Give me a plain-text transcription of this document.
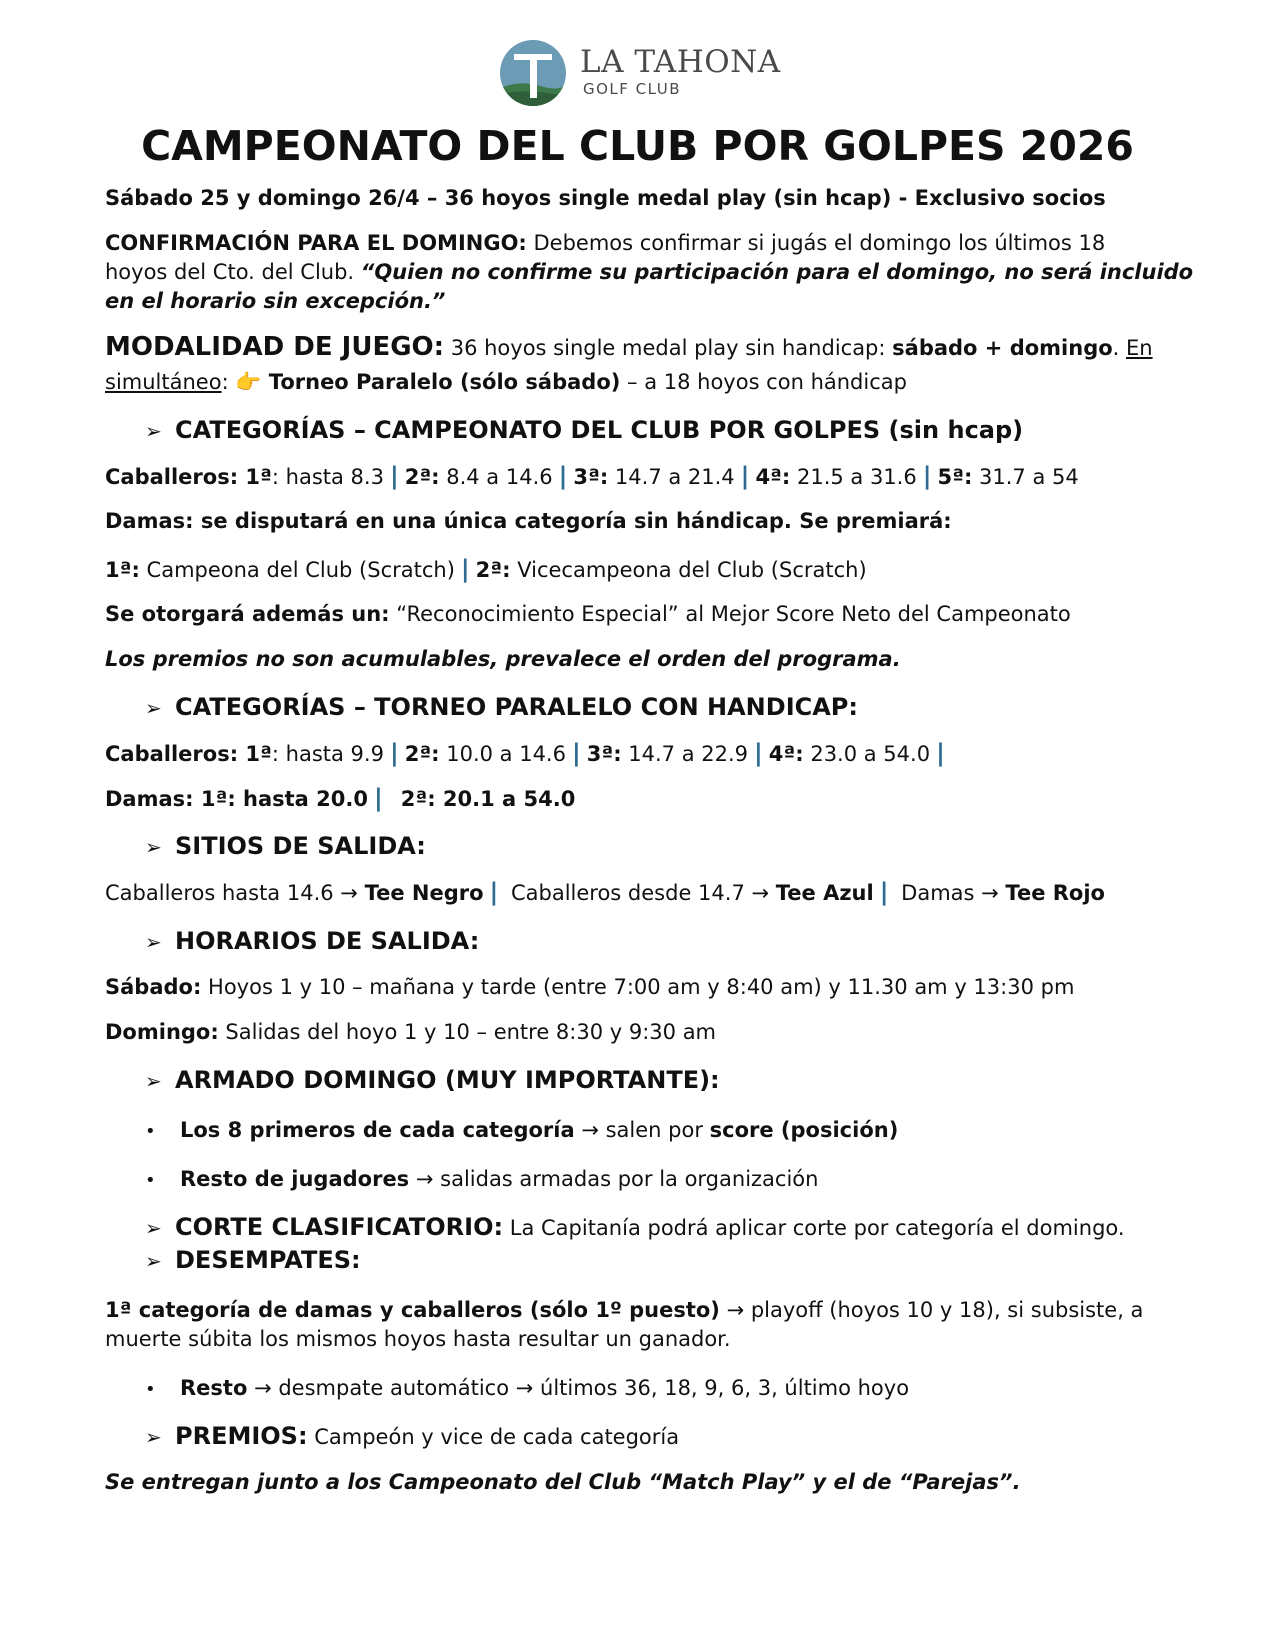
LA TAHONA
GOLF CLUB
CAMPEONATO DEL CLUB POR GOLPES 2026
Sábado 25 y domingo 26/4 – 36 hoyos single medal play (sin hcap) - Exclusivo socios
CONFIRMACIÓN PARA EL DOMINGO: Debemos confirmar si jugás el domingo los últimos 18
hoyos del Cto. del Club. “Quien no confirme su participación para el domingo, no será incluido
en el horario sin excepción.”
MODALIDAD DE JUEGO: 36 hoyos single medal play sin handicap: sábado + domingo. En
simultáneo: 👉 Torneo Paralelo (sólo sábado) – a 18 hoyos con hándicap
➢ CATEGORÍAS – CAMPEONATO DEL CLUB POR GOLPES (sin hcap)
Caballeros: 1ª: hasta 8.3 | 2ª: 8.4 a 14.6 | 3ª: 14.7 a 21.4 | 4ª: 21.5 a 31.6 | 5ª: 31.7 a 54
Damas: se disputará en una única categoría sin hándicap. Se premiará:
1ª: Campeona del Club (Scratch) | 2ª: Vicecampeona del Club (Scratch)
Se otorgará además un: “Reconocimiento Especial” al Mejor Score Neto del Campeonato
Los premios no son acumulables, prevalece el orden del programa.
➢ CATEGORÍAS – TORNEO PARALELO CON HANDICAP:
Caballeros: 1ª: hasta 9.9 | 2ª: 10.0 a 14.6 | 3ª: 14.7 a 22.9 | 4ª: 23.0 a 54.0 |
Damas: 1ª: hasta 20.0 | 2ª: 20.1 a 54.0
➢ SITIOS DE SALIDA:
Caballeros hasta 14.6 → Tee Negro | Caballeros desde 14.7 → Tee Azul | Damas → Tee Rojo
➢ HORARIOS DE SALIDA:
Sábado: Hoyos 1 y 10 – mañana y tarde (entre 7:00 am y 8:40 am) y 11.30 am y 13:30 pm
Domingo: Salidas del hoyo 1 y 10 – entre 8:30 y 9:30 am
➢ ARMADO DOMINGO (MUY IMPORTANTE):
• Los 8 primeros de cada categoría → salen por score (posición)
• Resto de jugadores → salidas armadas por la organización
➢ CORTE CLASIFICATORIO: La Capitanía podrá aplicar corte por categoría el domingo.
➢ DESEMPATES:
1ª categoría de damas y caballeros (sólo 1º puesto) → playoff (hoyos 10 y 18), si subsiste, a
muerte súbita los mismos hoyos hasta resultar un ganador.
• Resto → desmpate automático → últimos 36, 18, 9, 6, 3, último hoyo
➢ PREMIOS: Campeón y vice de cada categoría
Se entregan junto a los Campeonato del Club “Match Play” y el de “Parejas”.
